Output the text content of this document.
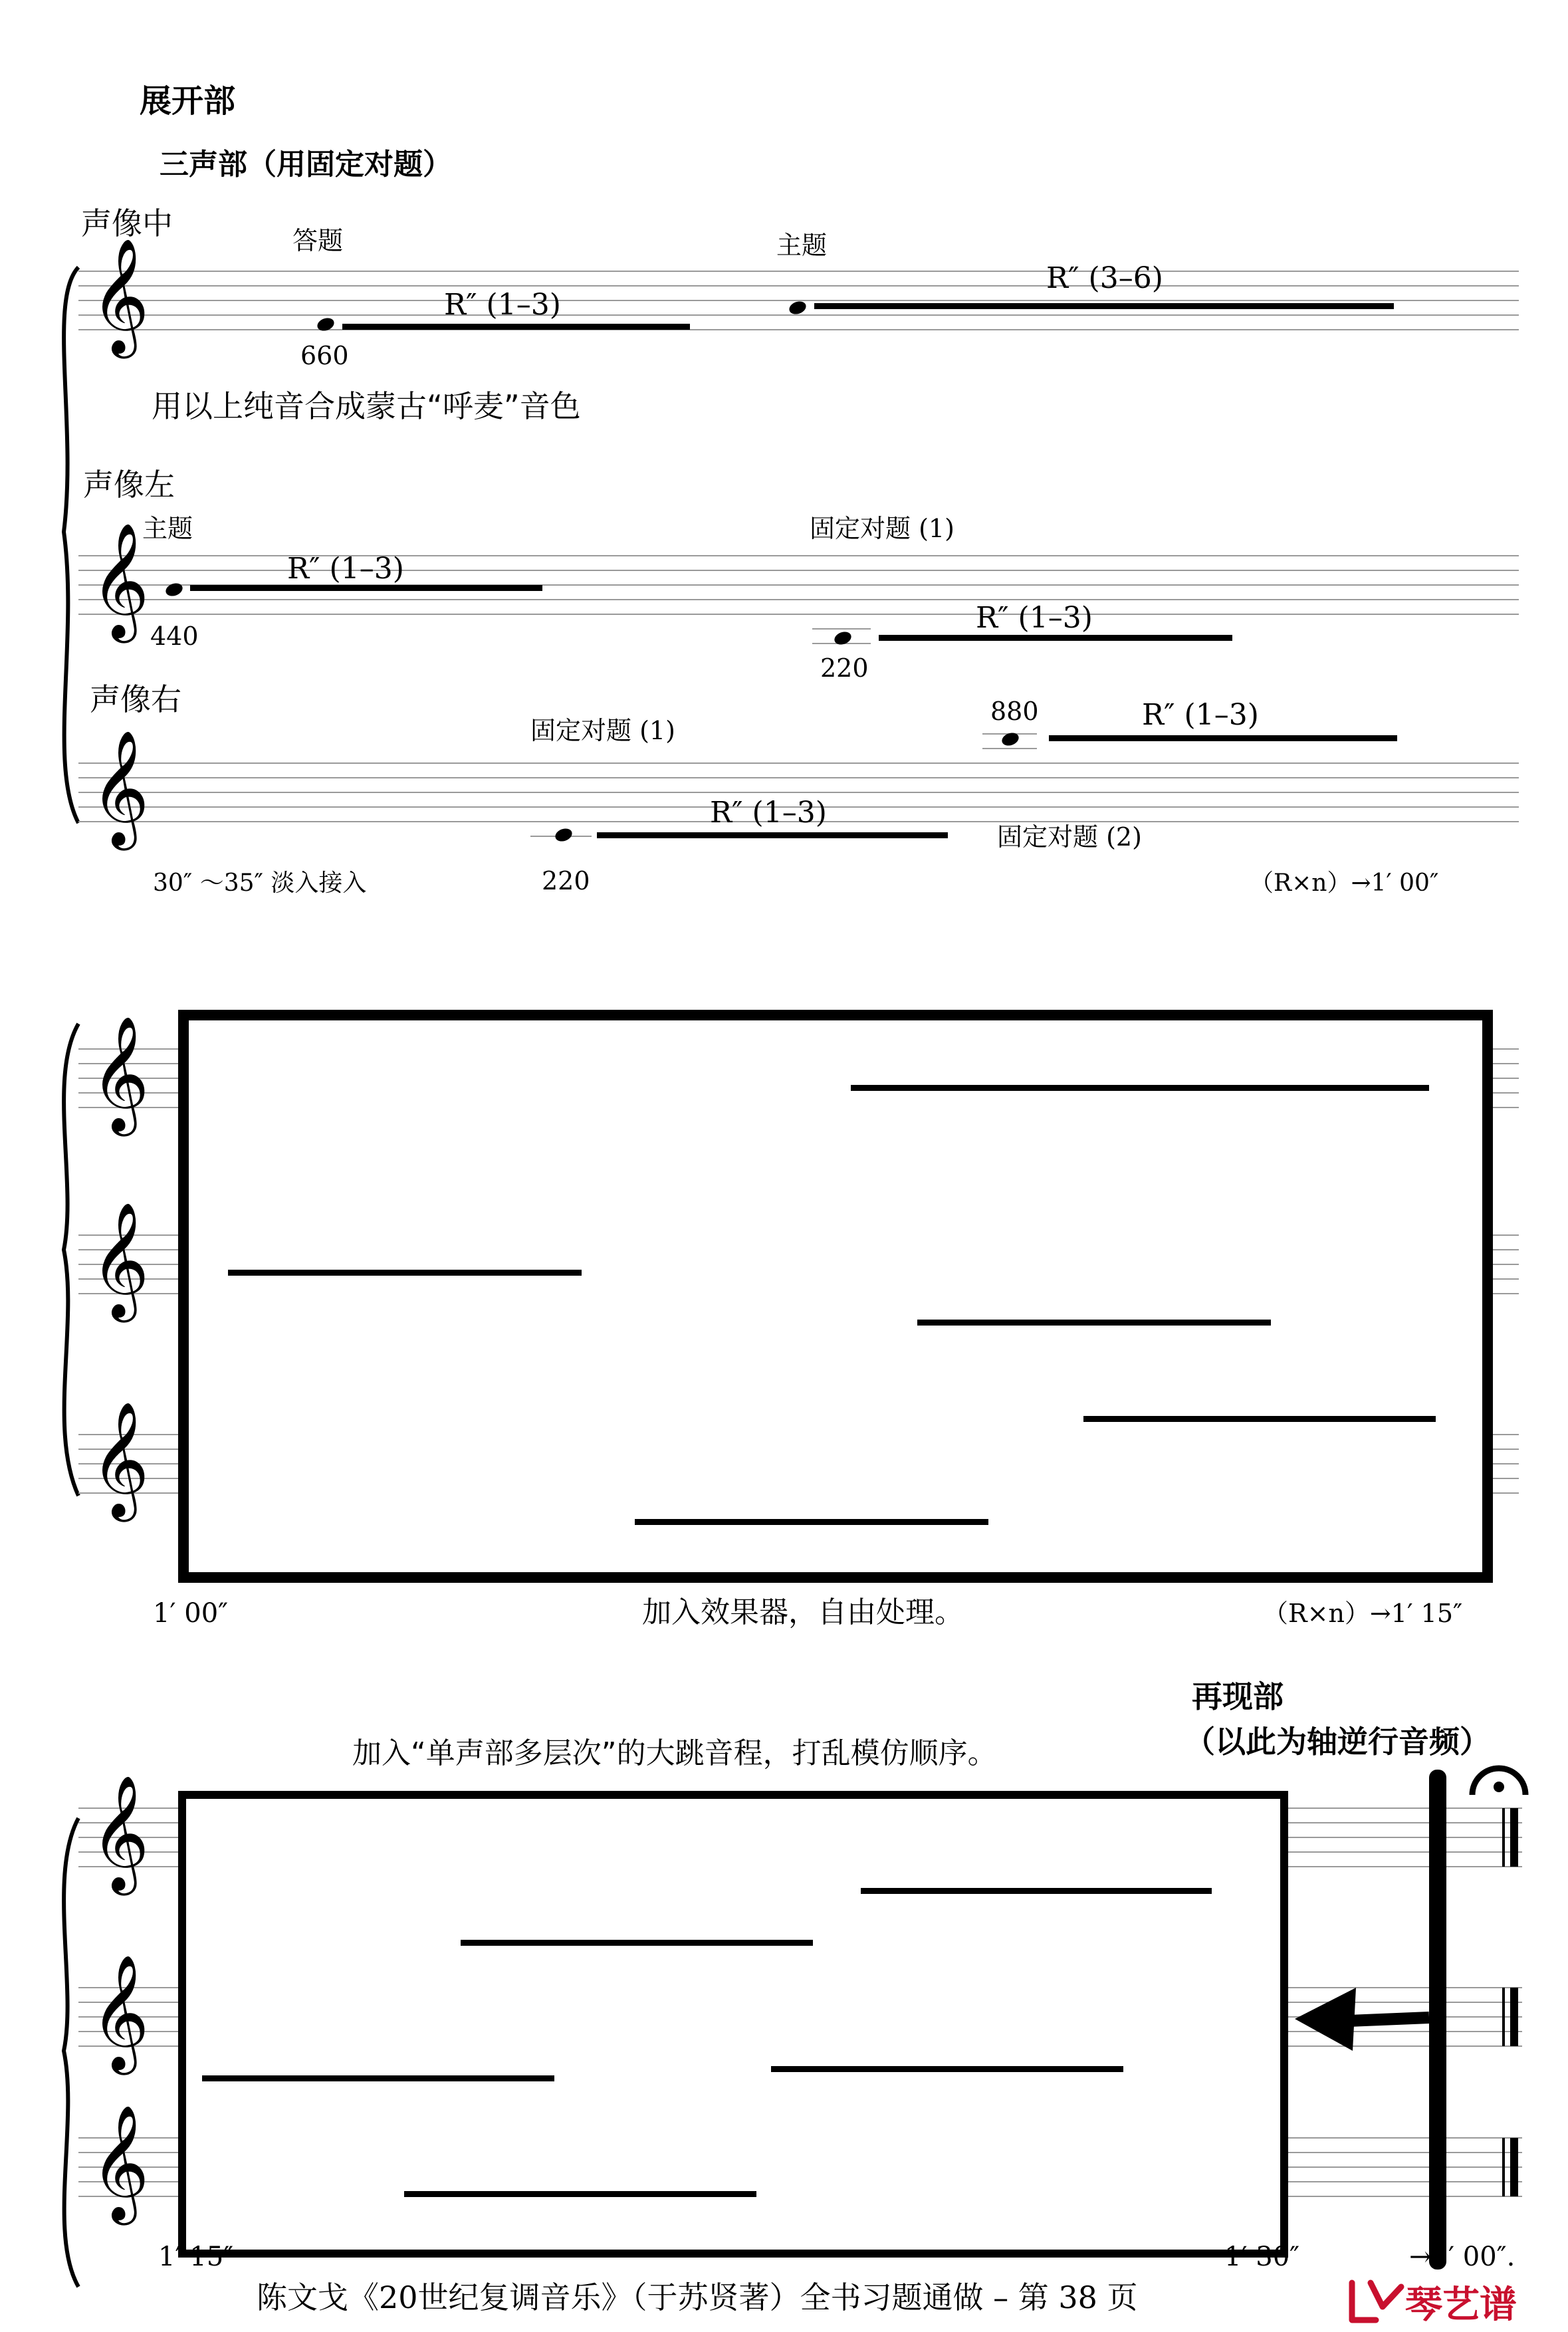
展开部
三声部（用固定对题）
𝄞
声像中	答题
R″ (1–3)
660
主题
R″ (3–6)
用以上纯音合成蒙古“呼麦”音色
声像左
主题
𝄞	R″ (1–3)
440
固定对题 (1)
R″ (1–3)
220
声像右
固定对题 (1)
𝄞
880	R″ (1–3)
R″ (1–3)
固定对题 (2)
220
30″ ～35″ 淡入接入	（R×n）→1′ 00″
𝄞
𝄞
𝄞
1′ 00″	加入效果器，自由处理。	（R×n）→1′ 15″
再现部
（以此为轴逆行音频）
加入“单声部多层次”的大跳音程，打乱模仿顺序。
𝄞
𝄞
𝄞
1′ 15″	1′ 30″	→3′ 00″.
陈文戈《20世纪复调音乐》（于苏贤著）全书习题通做 – 第 38 页	琴艺谱
